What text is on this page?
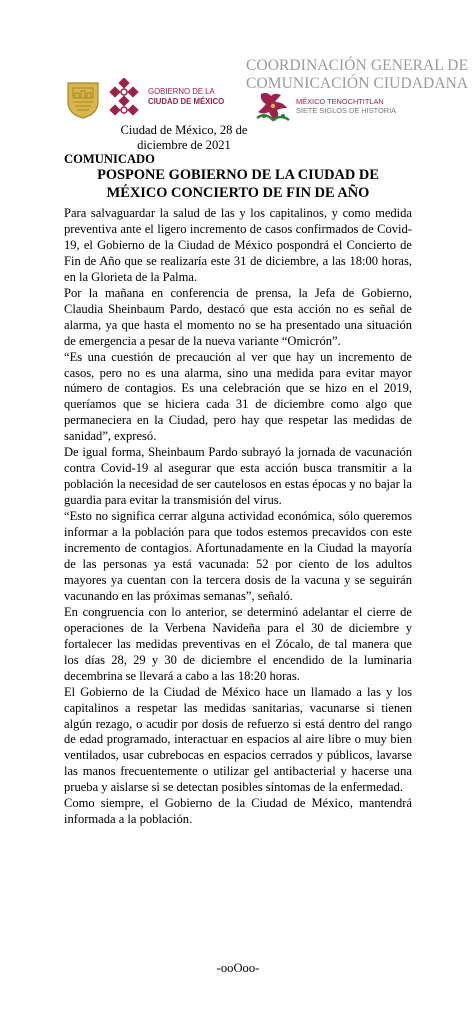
COORDINACIÓN GENERAL DE
COMUNICACIÓN CIUDADANA
GOBIERNO DE LA
CIUDAD DE MÉXICO	MÉXICO TENOCHTITLAN
SIETE SIGLOS DE HISTORIA
Ciudad de México, 28 de
diciembre de 2021
COMUNICADO
POSPONE GOBIERNO DE LA CIUDAD DE
MÉXICO CONCIERTO DE FIN DE AÑO

Para salvaguardar la salud de las y los capitalinos, y como medida preventiva ante el ligero incremento de casos confirmados de Covid-19, el Gobierno de la Ciudad de México pospondrá el Concierto de Fin de Año que se realizaría este 31 de diciembre, a las 18:00 horas, en la Glorieta de la Palma.

Por la mañana en conferencia de prensa, la Jefa de Gobierno, Claudia Sheinbaum Pardo, destacó que esta acción no es señal de alarma, ya que hasta el momento no se ha presentado una situación de emergencia a pesar de la nueva variante “Omicrón”.

“Es una cuestión de precaución al ver que hay un incremento de casos, pero no es una alarma, sino una medida para evitar mayor número de contagios. Es una celebración que se hizo en el 2019, queríamos que se hiciera cada 31 de diciembre como algo que permaneciera en la Ciudad, pero hay que respetar las medidas de sanidad”, expresó.

De igual forma, Sheinbaum Pardo subrayó la jornada de vacunación contra Covid-19 al asegurar que esta acción busca transmitir a la población la necesidad de ser cautelosos en estas épocas y no bajar la guardia para evitar la transmisión del virus.

“Esto no significa cerrar alguna actividad económica, sólo queremos informar a la población para que todos estemos precavidos con este incremento de contagios. Afortunadamente en la Ciudad la mayoría de las personas ya está vacunada: 52 por ciento de los adultos mayores ya cuentan con la tercera dosis de la vacuna y se seguirán vacunando en las próximas semanas”, señaló.

En congruencia con lo anterior, se determinó adelantar el cierre de operaciones de la Verbena Navideña para el 30 de diciembre y fortalecer las medidas preventivas en el Zócalo, de tal manera que los días 28, 29 y 30 de diciembre el encendido de la luminaria decembrina se llevará a cabo a las 18:20 horas.

El Gobierno de la Ciudad de México hace un llamado a las y los capitalinos a respetar las medidas sanitarias, vacunarse si tienen algún rezago, o acudir por dosis de refuerzo si está dentro del rango de edad programado, interactuar en espacios al aire libre o muy bien ventilados, usar cubrebocas en espacios cerrados y públicos, lavarse las manos frecuentemente o utilizar gel antibacterial y hacerse una prueba y aislarse si se detectan posibles síntomas de la enfermedad.

Como siempre, el Gobierno de la Ciudad de México, mantendrá informada a la población.

-ooOoo-
